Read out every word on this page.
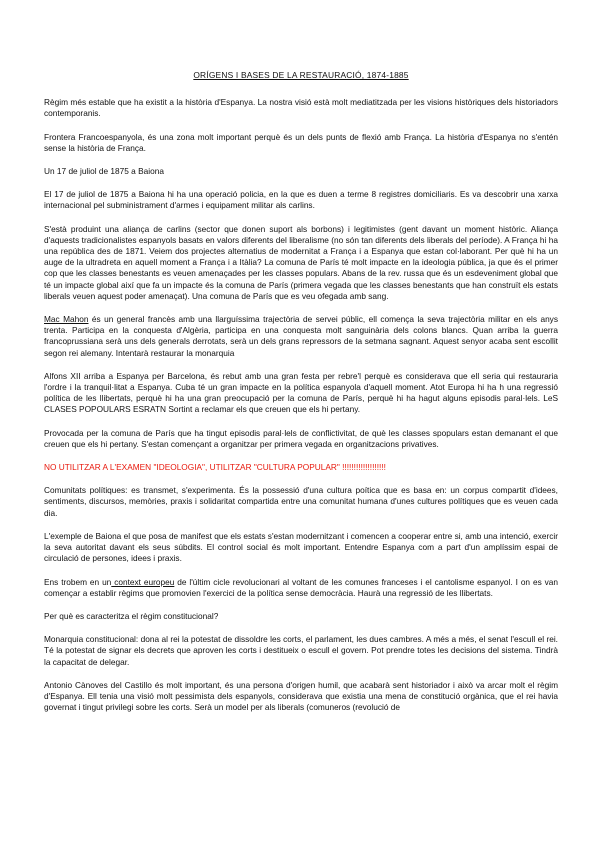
ORÍGENS I BASES DE LA RESTAURACIÓ, 1874-1885

Règim més estable que ha existit a la història d'Espanya. La nostra visió està molt mediatitzada per les visions històriques dels historiadors contemporanis.

Frontera Francoespanyola, és una zona molt important perquè és un dels punts de flexió amb França. La història d'Espanya no s'entén sense la història de França.

Un 17 de juliol de 1875 a Baiona

El 17 de juliol de 1875 a Baiona hi ha una operació policia, en la que es duen a terme 8 registres domiciliaris. Es va descobrir una xarxa internacional pel subministrament d'armes i equipament militar als carlins.

S'està produint una aliança de carlins (sector que donen suport als borbons) i legitimistes (gent davant un moment històric. Aliança d'aquests tradicionalistes espanyols basats en valors diferents del liberalisme (no són tan diferents dels liberals del període). A França hi ha una república des de 1871. Veiem dos projectes alternatius de modernitat a França i a Espanya que estan col·laborant. Per què hi ha un auge de la ultradreta en aquell moment a França i a Itàlia? La comuna de París té molt impacte en la ideologia pública, ja que és el primer cop que les classes benestants es veuen amenaçades per les classes populars. Abans de la rev. russa que és un esdeveniment global que té un impacte global així que fa un impacte és la comuna de París (primera vegada que les classes benestants que han construït els estats liberals veuen aquest poder amenaçat). Una comuna de París que es veu ofegada amb sang.

Mac Mahon és un general francès amb una llarguíssima trajectòria de servei públic, ell comença la seva trajectòria militar en els anys trenta. Participa en la conquesta d'Algèria, participa en una conquesta molt sanguinària dels colons blancs. Quan arriba la guerra francoprussiana serà uns dels generals derrotats, serà un dels grans repressors de la setmana sagnant. Aquest senyor acaba sent escollit segon rei alemany. Intentarà restaurar la monarquia

Alfons XII arriba a Espanya per Barcelona, és rebut amb una gran festa per rebre'l perquè es considerava que ell seria qui restauraria l'ordre i la tranquil·litat a Espanya. Cuba té un gran impacte en la política espanyola d'aquell moment. Atot Europa hi ha h una regressió política de les llibertats, perquè hi ha una gran preocupació per la comuna de París, perquè hi ha hagut alguns episodis paral·lels. LeS CLASES POPOULARS ESRATN Sortint a reclamar els que creuen que els hi pertany.

Provocada per la comuna de París que ha tingut episodis paral·lels de conflictivitat, de què les classes spopulars estan demanant el que creuen que els hi pertany. S'estan començant a organitzar per primera vegada en organitzacions privatives.

NO UTILITZAR A L'EXAMEN "IDEOLOGIA", UTILITZAR "CULTURA POPULAR" !!!!!!!!!!!!!!!!!!!

Comunitats polítiques: es transmet, s'experimenta. És la possessió d'una cultura poítica que es basa en: un corpus compartit d'idees, sentiments, discursos, memòries, praxis i solidaritat compartida entre una comunitat humana d'unes cultures polítiques que es veuen cada dia.

L'exemple de Baiona el que posa de manifest que els estats s'estan modernitzant i comencen a cooperar entre si, amb una intenció, exercir la seva autoritat davant els seus súbdits. El control social és molt important. Entendre Espanya com a part d'un amplíssim espai de circulació de persones, idees i praxis.

Ens trobem en un context europeu de l'últim cicle revolucionari al voltant de les comunes franceses i el cantolisme espanyol. I on es van començar a establir règims que promovien l'exercici de la política sense democràcia. Haurà una regressió de les llibertats.

Per què es caracteritza el règim constitucional?

Monarquia constitucional: dona al rei la potestat de dissoldre les corts, el parlament, les dues cambres. A més a més, el senat l'escull el rei. Té la potestat de signar els decrets que aproven les corts i destitueix o escull el govern. Pot prendre totes les decisions del sistema. Tindrà la capacitat de delegar.

Antonio Cànoves del Castillo és molt important, és una persona d'origen humil, que acabarà sent historiador i això va arcar molt el règim d'Espanya. Ell tenia una visió molt pessimista dels espanyols, considerava que existia una mena de constitució orgànica, que el rei havia governat i tingut privilegi sobre les corts. Serà un model per als liberals (comuneros (revolució de
